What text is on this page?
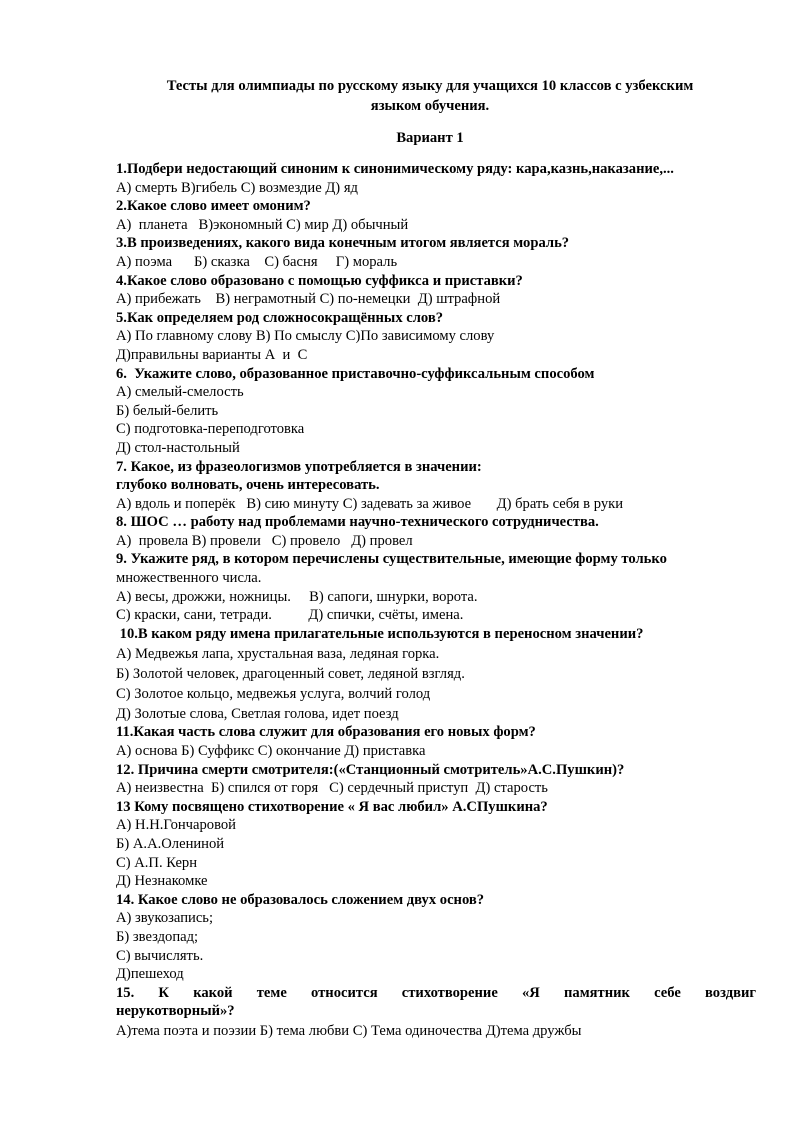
Тесты для олимпиады по русскому языку для учащихся 10 классов с узбекским
языком обучения.
Вариант 1
1.Подбери недостающий синоним к синонимическому ряду: кара,казнь,наказание,...
А) смерть В)гибель С) возмездие Д) яд
2.Какое слово имеет омоним?
А)  планета   В)экономный С) мир Д) обычный
3.В произведениях, какого вида конечным итогом является мораль?
А) поэма      Б) сказка    С) басня     Г) мораль
4.Какое слово образовано с помощью суффикса и приставки?
А) прибежать    В) неграмотный С) по-немецки  Д) штрафной
5.Как определяем род сложносокращённых слов?
А) По главному слову В) По смыслу С)По зависимому слову
Д)правильны варианты А  и  С
6.  Укажите слово, образованное приставочно-суффиксальным способом
А) смелый-смелость
Б) белый-белить
С) подготовка-переподготовка
Д) стол-настольный
7. Какое, из фразеологизмов употребляется в значении:
глубоко волновать, очень интересовать.
А) вдоль и поперёк   В) сию минуту С) задевать за живое       Д) брать себя в руки
8. ШОС … работу над проблемами научно-технического сотрудничества.
А)  провела В) провели   С) провело   Д) провел
9. Укажите ряд, в котором перечислены существительные, имеющие форму только
множественного числа.
А) весы, дрожжи, ножницы.     В) сапоги, шнурки, ворота.
С) краски, сани, тетради.          Д) спички, счёты, имена.
10.В каком ряду имена прилагательные используются в переносном значении?
А) Медвежья лапа, хрустальная ваза, ледяная горка.
Б) Золотой человек, драгоценный совет, ледяной взгляд.
С) Золотое кольцо, медвежья услуга, волчий голод
Д) Золотые слова, Светлая голова, идет поезд
11.Какая часть слова служит для образования его новых форм?
А) основа Б) Суффикс С) окончание Д) приставка
12. Причина смерти смотрителя:(«Станционный смотритель»А.С.Пушкин)?
А) неизвестна  Б) спился от горя   С) сердечный приступ  Д) старость
13 Кому посвящено стихотворение « Я вас любил» А.СПушкина?
А) Н.Н.Гончаровой
Б) А.А.Олениной
С) А.П. Керн
Д) Незнакомке
14. Какое слово не образовалось сложением двух основ?
А) звукозапись;
Б) звездопад;
С) вычислять.
Д)пешеход
15. К какой теме относится стихотворение «Я памятник себе воздвиг
нерукотворный»?
А)тема поэта и поэзии Б) тема любви С) Тема одиночества Д)тема дружбы
